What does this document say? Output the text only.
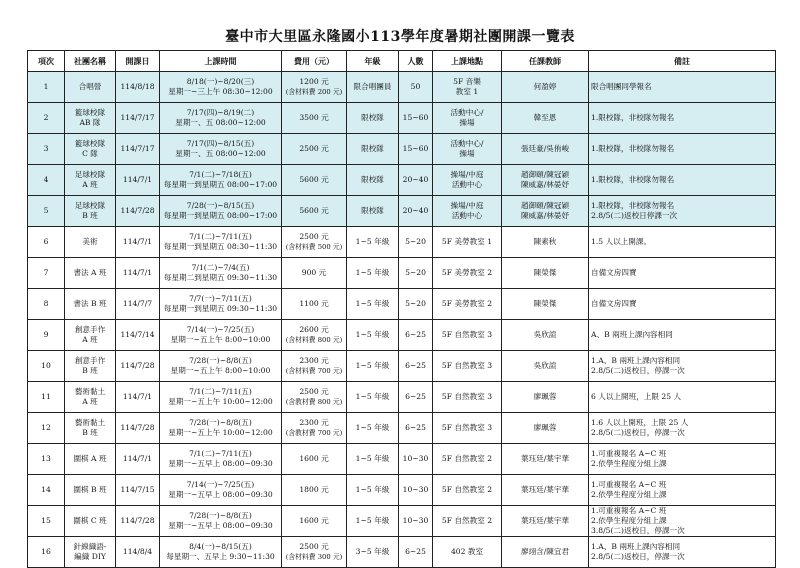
臺中市大里區永隆國小113學年度暑期社團開課一覽表
項次	社團名稱	開課日	上課時間	費用（元）	年級	人數	上課地點	任課教師	備註
1	合唱營	114/8/18	8/18(一)~8/20(三)
星期一~三上午 08:30~12:00	1200 元
(含材料費 200 元)	限合唱團員	50	5F 音樂
教室 1	何盈婷	限合唱團同學報名

2	籃球校隊
AB 隊	114/7/17	7/17(四)~8/19(二)
星期一、五 08:00~12:00	3500 元	限校隊	15~60	活動中心/
操場	韓至恩	1.限校隊，非校隊勿報名

3	籃球校隊
C 隊	114/7/17	7/17(四)~8/15(五)
星期一、五 08:00~12:00	2500 元	限校隊	15~60	活動中心/
操場	張廷豪/吳侑峻	1.限校隊，非校隊勿報名

4	足球校隊
A 班	114/7/1	7/1(二)~7/18(五)
每星期一到星期五 08:00~17:00	5600 元	限校隊	20~40	操場/中庭
活動中心	趙御頤/陳冠穎
陳威嘉/林晏妤	1.限校隊，非校隊勿報名

5	足球校隊
B 班	114/7/28	7/28(一)~8/15(五)
每星期一到星期五 08:00~17:00	5600 元	限校隊	20~40	操場/中庭
活動中心	趙御頤/陳冠穎
陳威嘉/林晏妤	1.限校隊，非校隊勿報名
2.8/5(二)返校日停課一次

6	美術	114/7/1	7/1(二)~7/11(五)
每星期一到星期五 08:30~11:30	2500 元
(含材料費 500 元)	1~5 年級	5~20	5F 美勞教室 1	陳素秋	1.5 人以上開課。

7	書法 A 班	114/7/1	7/1(二)~7/4(五)
每星期二到星期五 09:30~11:30	900 元	1~5 年級	5~20	5F 美勞教室 2	陳榮傑	自備文房四寶

8	書法 B 班	114/7/7	7/7(一)~7/11(五)
每星期一到星期五 09:30~11:30	1100 元	1~5 年級	5~20	5F 美勞教室 2	陳榮傑	自備文房四寶

9	創意手作
A 班	114/7/14	7/14(一)~7/25(五)
星期一~五上午 8:00~10:00	2600 元
(含材料費 800 元)	1~5 年級	6~25	5F 自然教室 3	吳欣諠	A、B 兩班上課內容相同

10	創意手作
B 班	114/7/28	7/28(一)~8/8(五)
星期一~五上午 8:00~10:00	2300 元
(含材料費 700 元)	1~5 年級	6~25	5F 自然教室 3	吳欣諠	1.A、B 兩班上課內容相同
2.8/5(二)返校日，停課一次

11	藝術黏土
A 班	114/7/1	7/1(二)~7/11(五)
星期一~五上午 10:00~12:00	2500 元
(含教材費 800 元)	1~5 年級	6~25	5F 自然教室 3	廖珮蓉	6 人以上開班，上限 25 人

12	藝術黏土
B 班	114/7/28	7/28(一)~8/8(五)
星期一~五上午 10:00~12:00	2300 元
(含教材費 700 元)	1~5 年級	6~25	5F 自然教室 3	廖珮蓉	1.6 人以上開班，上限 25 人
2.8/5(二)返校日，停課一次

13	圍棋 A 班	114/7/1	7/1(二)~7/11(五)
星期一~五早上 08:00~09:30	1600 元	1~5 年級	10~30	5F 自然教室 2	葉珏廷/葉宇華	1.可重複報名 A~C 班
2.依學生程度分組上課

14	圍棋 B 班	114/7/15	7/14(一)~7/25(五)
星期一~五早上 08:00~09:30	1800 元	1~5 年級	10~30	5F 自然教室 2	葉珏廷/葉宇華	1.可重複報名 A~C 班
2.依學生程度分組上課

15	圍棋 C 班	114/7/28	7/28(一)~8/8(五)
星期一~五早上 08:00~09:30	1600 元	1~5 年級	10~30	5F 自然教室 2	葉珏廷/葉宇華	1.可重複報名 A~C 班
2.依學生程度分組上課
3.8/5(二)返校日，停課一次

16	針線織語-
編織 DIY	114/8/4	8/4(一)~8/15(五)
每星期一、五早上 9:30~11:30	2500 元
(含材料費 300 元)	3~5 年級	6~25	402 教室	廖翊含/陳宜君	1.A、B 兩班上課內容相同
2.8/5(二)返校日，停課一次
